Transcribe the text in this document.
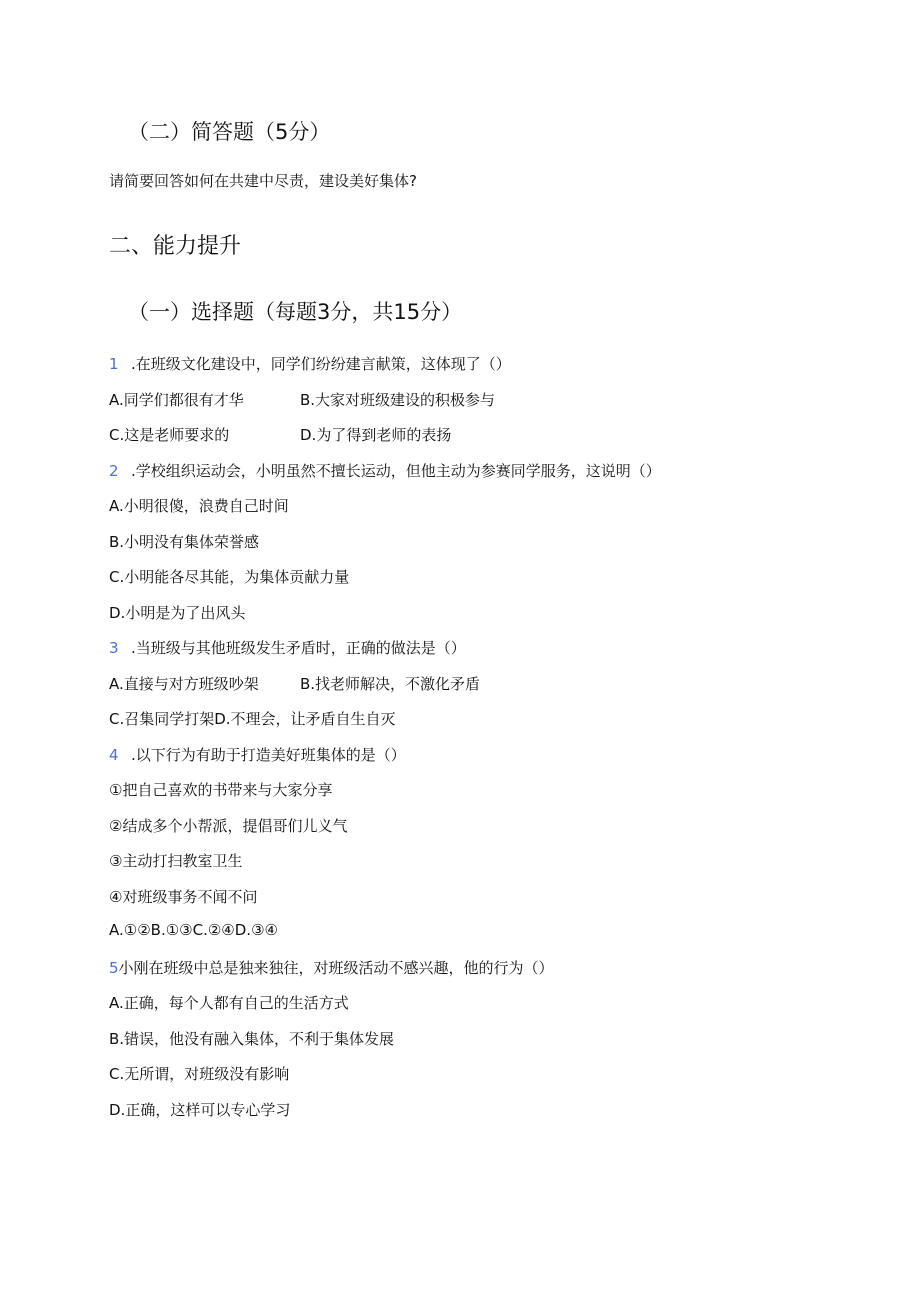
（二）简答题（5分）
请简要回答如何在共建中尽责，建设美好集体?
二、能力提升
（一）选择题（每题3分，共15分）
1 .在班级文化建设中，同学们纷纷建言献策，这体现了（）
A.同学们都很有才华	B.大家对班级建设的积极参与
C.这是老师要求的	D.为了得到老师的表扬
2 .学校组织运动会，小明虽然不擅长运动，但他主动为参赛同学服务，这说明（）
A.小明很傻，浪费自己时间
B.小明没有集体荣誉感
C.小明能各尽其能，为集体贡献力量
D.小明是为了出风头
3 .当班级与其他班级发生矛盾时，正确的做法是（）
A.直接与对方班级吵架	B.找老师解决，不激化矛盾
C.召集同学打架D.不理会，让矛盾自生自灭
4 .以下行为有助于打造美好班集体的是（）
①把自己喜欢的书带来与大家分享
②结成多个小帮派，提倡哥们儿义气
③主动打扫教室卫生
④对班级事务不闻不问
A.①②B.①③C.②④D.③④
5小刚在班级中总是独来独往，对班级活动不感兴趣，他的行为（）
A.正确，每个人都有自己的生活方式
B.错误，他没有融入集体，不利于集体发展
C.无所谓，对班级没有影响
D.正确，这样可以专心学习
